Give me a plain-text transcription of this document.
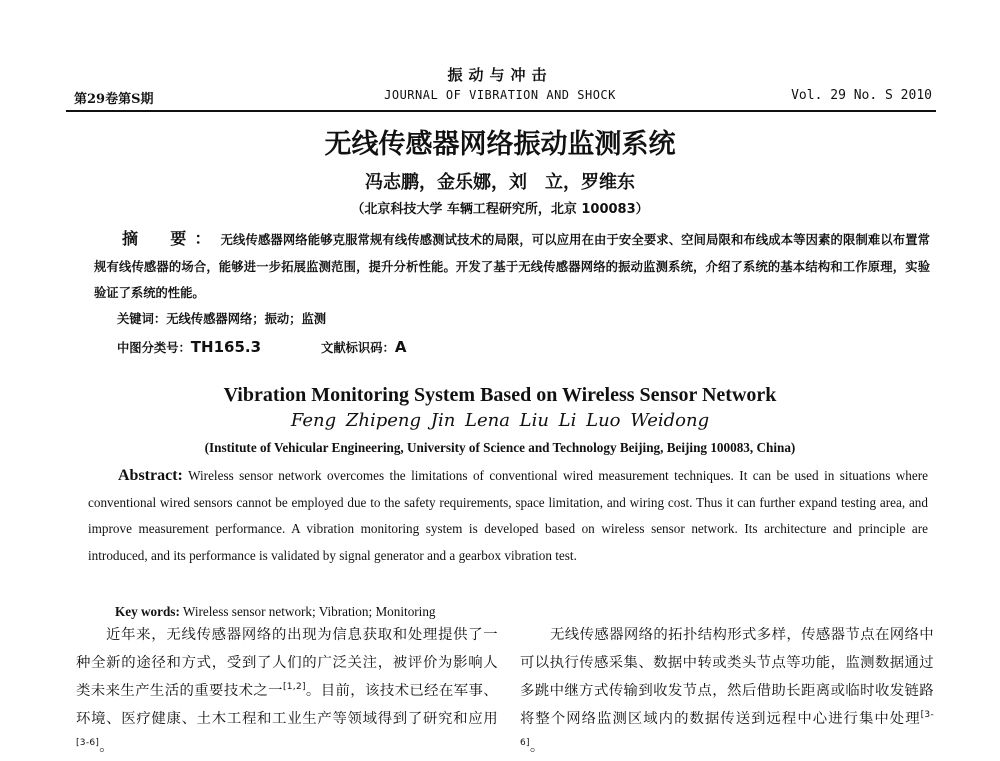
振动与冲击
第29卷第S期	JOURNAL OF VIBRATION AND SHOCK	Vol. 29 No. S 2010
无线传感器网络振动监测系统
冯志鹏，金乐娜，刘　立，罗维东
（北京科技大学 车辆工程研究所，北京 100083）
摘　要： 无线传感器网络能够克服常规有线传感测试技术的局限，可以应用在由于安全要求、空间局限和布线成本等因素的限制难以布置常规有线传感器的场合，能够进一步拓展监测范围，提升分析性能。开发了基于无线传感器网络的振动监测系统，介绍了系统的基本结构和工作原理，实验验证了系统的性能。
关键词：无线传感器网络；振动；监测
中图分类号：TH165.3	文献标识码：A
Vibration Monitoring System Based on Wireless Sensor Network
Feng Zhipeng Jin Lena Liu Li Luo Weidong
(Institute of Vehicular Engineering, University of Science and Technology Beijing, Beijing 100083, China)
Abstract: Wireless sensor network overcomes the limitations of conventional wired measurement techniques. It can be used in situations where conventional wired sensors cannot be employed due to the safety requirements, space limitation, and wiring cost. Thus it can further expand testing area, and improve measurement performance. A vibration monitoring system is developed based on wireless sensor network. Its architecture and principle are introduced, and its performance is validated by signal generator and a gearbox vibration test.
Key words: Wireless sensor network; Vibration; Monitoring
近年来，无线传感器网络的出现为信息获取和处理提供了一种全新的途径和方式，受到了人们的广泛关注，被评价为影响人类未来生产生活的重要技术之一[1,2]。目前，该技术已经在军事、环境、医疗健康、土木工程和工业生产等领域得到了研究和应用[3-6]。
无线传感器网络的拓扑结构形式多样，传感器节点在网络中可以执行传感采集、数据中转或类头节点等功能，监测数据通过多跳中继方式传输到收发节点，然后借助长距离或临时收发链路将整个网络监测区域内的数据传送到远程中心进行集中处理[3-6]。
